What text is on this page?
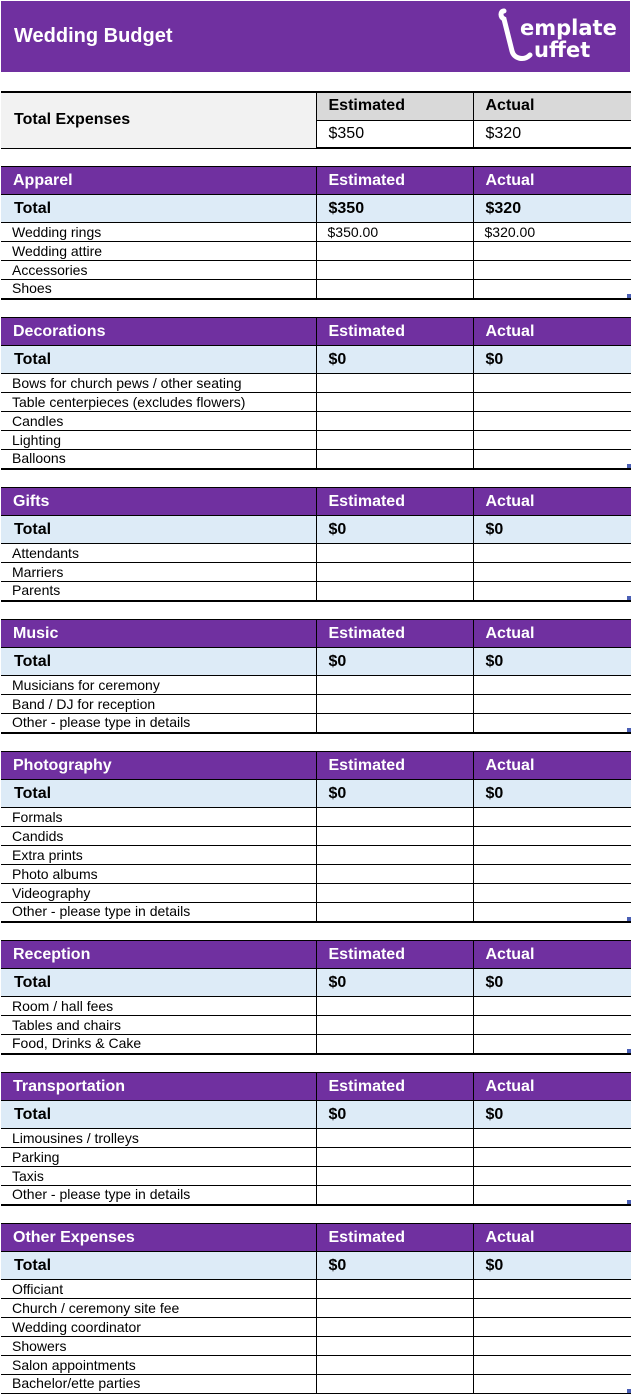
Wedding Budget	emplate
uffet
Total Expenses	Estimated	Actual
	$350	$320
Apparel	Estimated	Actual
Total	$350	$320
Wedding rings	$350.00	$320.00
Wedding attire		
Accessories		
Shoes		
Decorations	Estimated	Actual
Total	$0	$0
Bows for church pews / other seating		
Table centerpieces (excludes flowers)		
Candles		
Lighting		
Balloons		
Gifts	Estimated	Actual
Total	$0	$0
Attendants		
Marriers		
Parents		
Music	Estimated	Actual
Total	$0	$0
Musicians for ceremony		
Band / DJ for reception		
Other - please type in details		
Photography	Estimated	Actual
Total	$0	$0
Formals		
Candids		
Extra prints		
Photo albums		
Videography		
Other - please type in details		
Reception	Estimated	Actual
Total	$0	$0
Room / hall fees		
Tables and chairs		
Food, Drinks & Cake		
Transportation	Estimated	Actual
Total	$0	$0
Limousines / trolleys		
Parking		
Taxis		
Other - please type in details		
Other Expenses	Estimated	Actual
Total	$0	$0
Officiant		
Church / ceremony site fee		
Wedding coordinator		
Showers		
Salon appointments		
Bachelor/ette parties		
